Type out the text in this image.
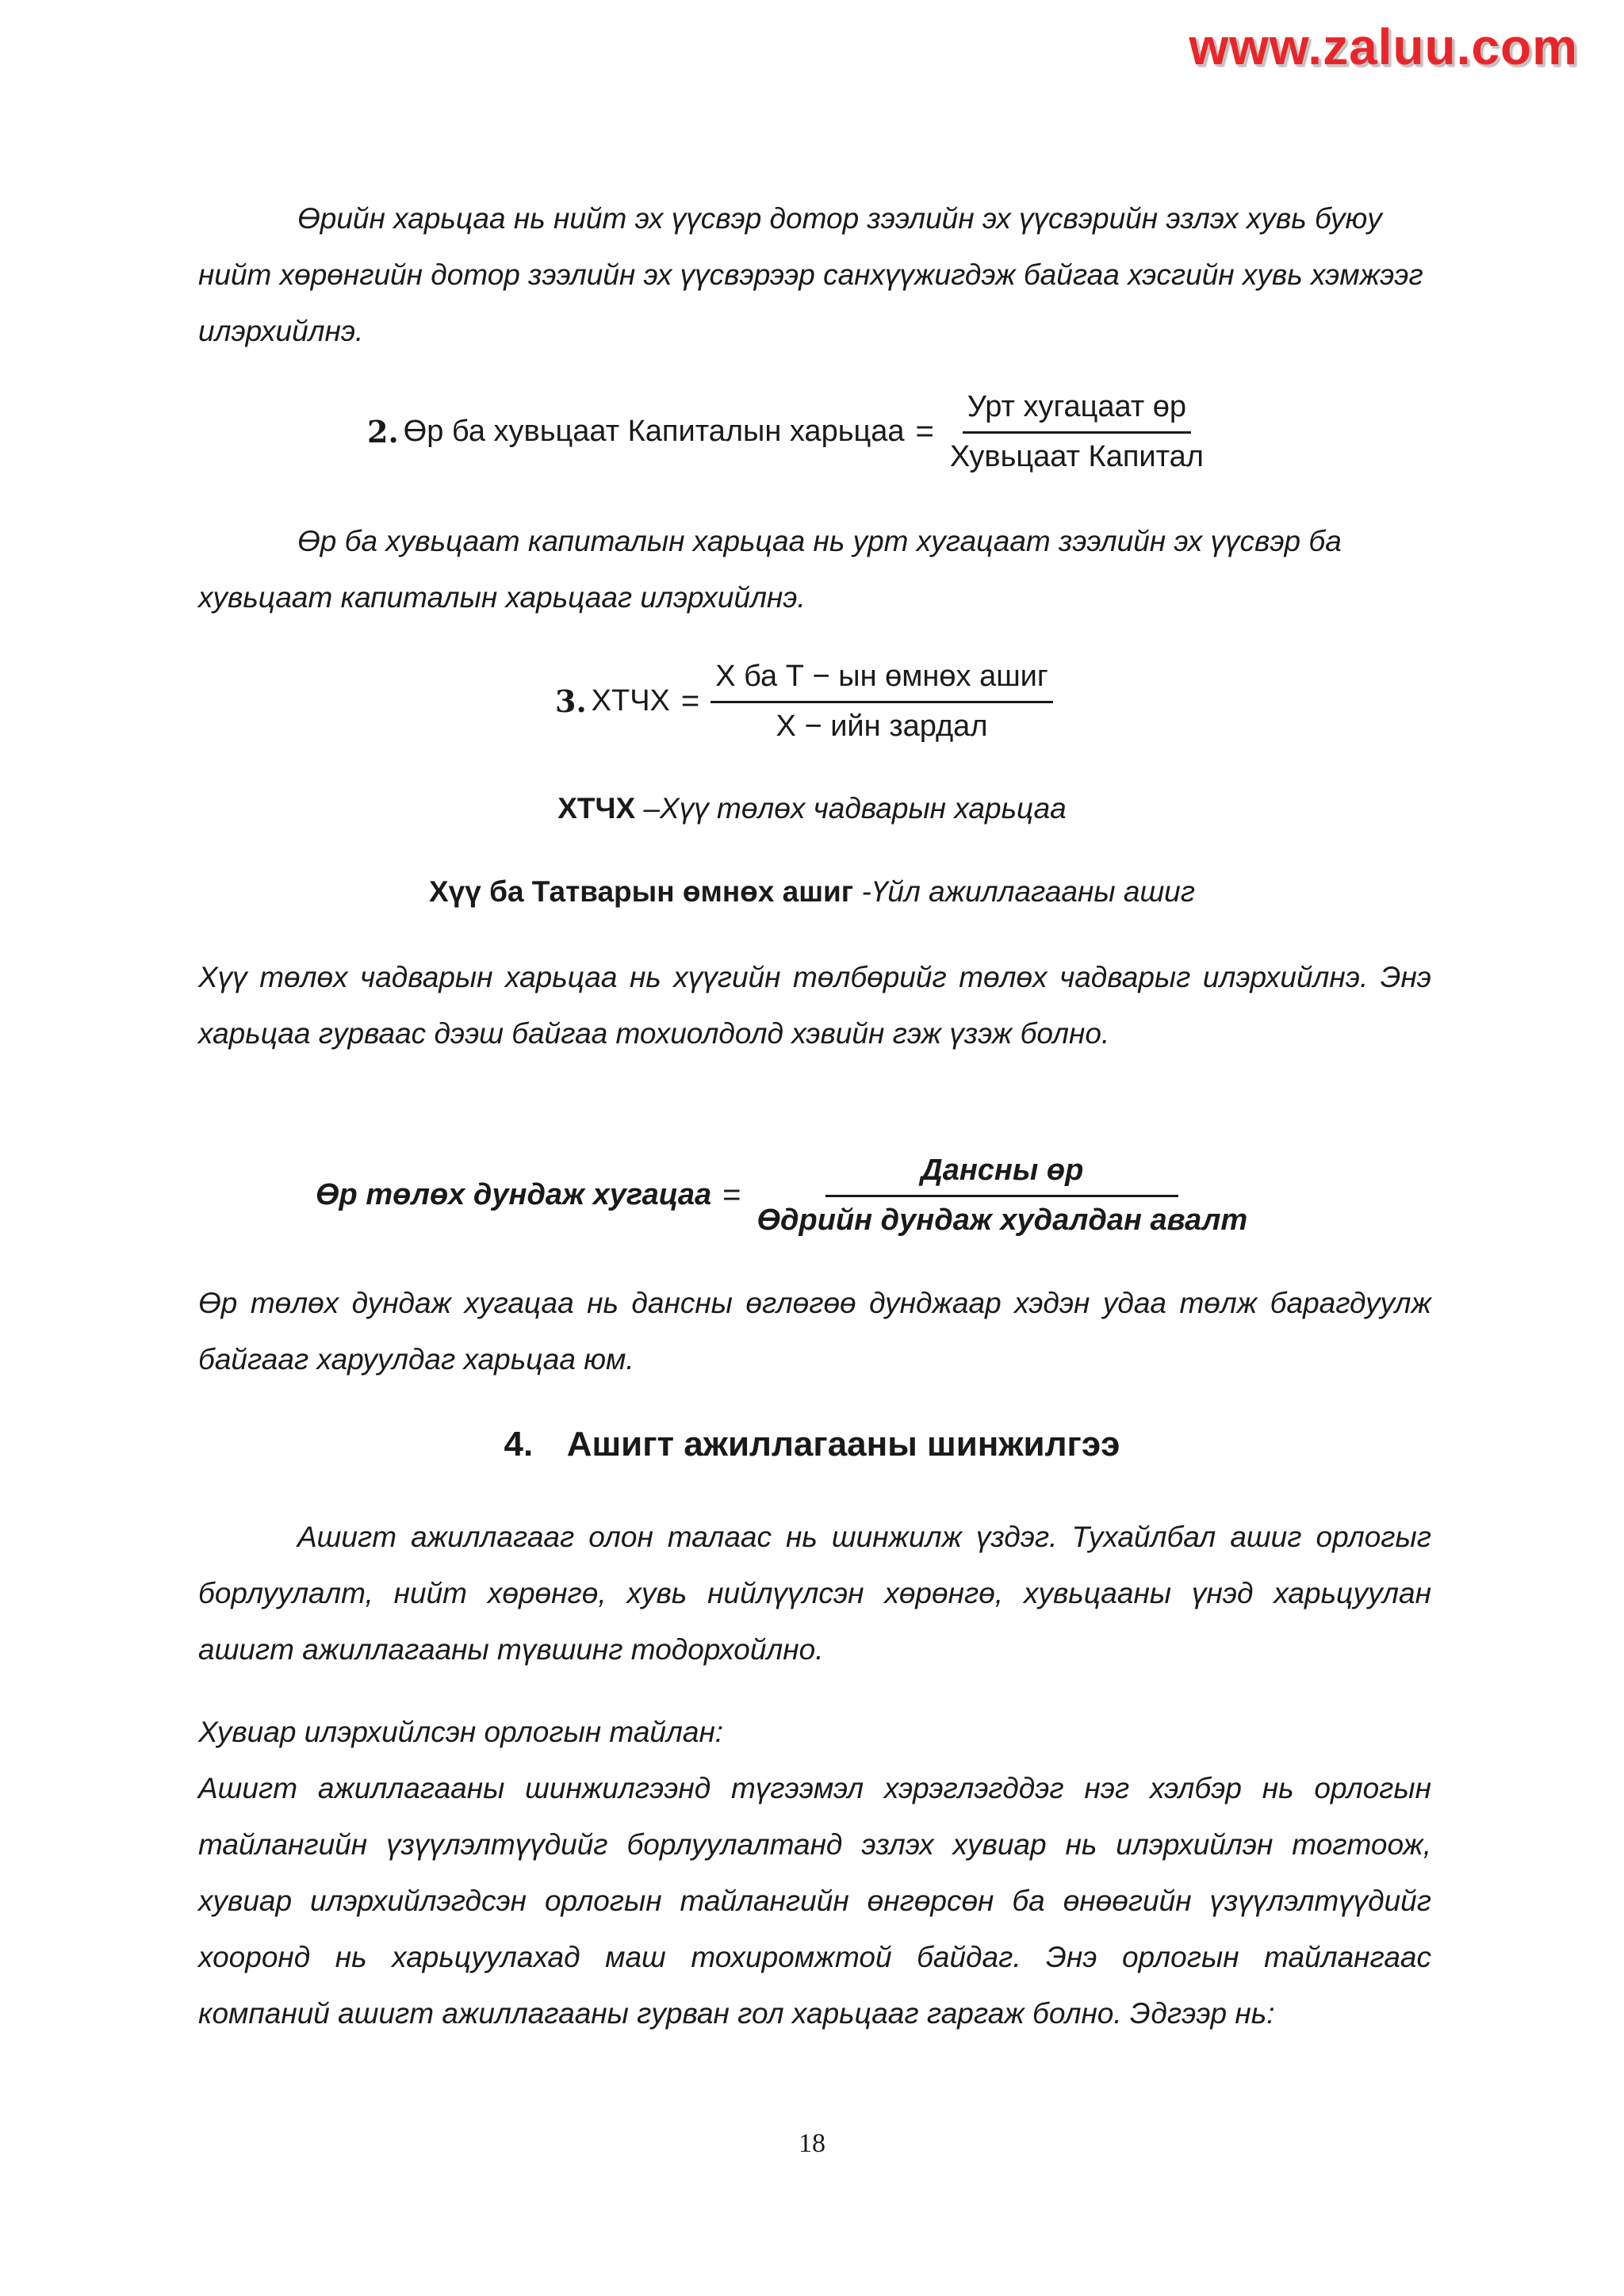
www.zaluu.com

Өрийн харьцаа нь нийт эх үүсвэр дотор зээлийн эх үүсвэрийн эзлэх хувь буюу нийт хөрөнгийн дотор зээлийн эх үүсвэрээр санхүүжигдэж байгаа хэсгийн хувь хэмжээг илэрхийлнэ.

2. Өр ба хувьцаат Капиталын харьцаа = $\frac{\text{Урт хугацаат өр}}{\text{Хувьцаат Капитал}}$

Өр ба хувьцаат капиталын харьцаа нь урт хугацаат зээлийн эх үүсвэр ба хувьцаат капиталын харьцааг илэрхийлнэ.

3. ХТЧХ = $\frac{\text{Х ба Т − ын өмнөх ашиг}}{\text{Х − ийн зардал}}$
ХТЧХ –Хүү төлөх чадварын харьцаа
Хүү ба Татварын өмнөх ашиг -Үйл ажиллагааны ашиг

Хүү төлөх чадварын харьцаа нь хүүгийн төлбөрийг төлөх чадварыг илэрхийлнэ. Энэ харьцаа гурваас дээш байгаа тохиолдолд хэвийн гэж үзэж болно.

Өр төлөх дундаж хугацаа = $\frac{\text{Дансны өр}}{\text{Өдрийн дундаж худалдан авалт}}$

Өр төлөх дундаж хугацаа нь дансны өглөгөө дунджаар хэдэн удаа төлж барагдуулж байгааг харуулдаг харьцаа юм.

4. Ашигт ажиллагааны шинжилгээ

Ашигт ажиллагааг олон талаас нь шинжилж үздэг. Тухайлбал ашиг орлогыг борлуулалт, нийт хөрөнгө, хувь нийлүүлсэн хөрөнгө, хувьцааны үнэд харьцуулан ашигт ажиллагааны түвшинг тодорхойлно.

Хувиар илэрхийлсэн орлогын тайлан:

Ашигт ажиллагааны шинжилгээнд түгээмэл хэрэглэгддэг нэг хэлбэр нь орлогын тайлангийн үзүүлэлтүүдийг борлуулалтанд эзлэх хувиар нь илэрхийлэн тогтоож, хувиар илэрхийлэгдсэн орлогын тайлангийн өнгөрсөн ба өнөөгийн үзүүлэлтүүдийг хооронд нь харьцуулахад маш тохиромжтой байдаг. Энэ орлогын тайлангаас компаний ашигт ажиллагааны гурван гол харьцааг гаргаж болно. Эдгээр нь:

18
